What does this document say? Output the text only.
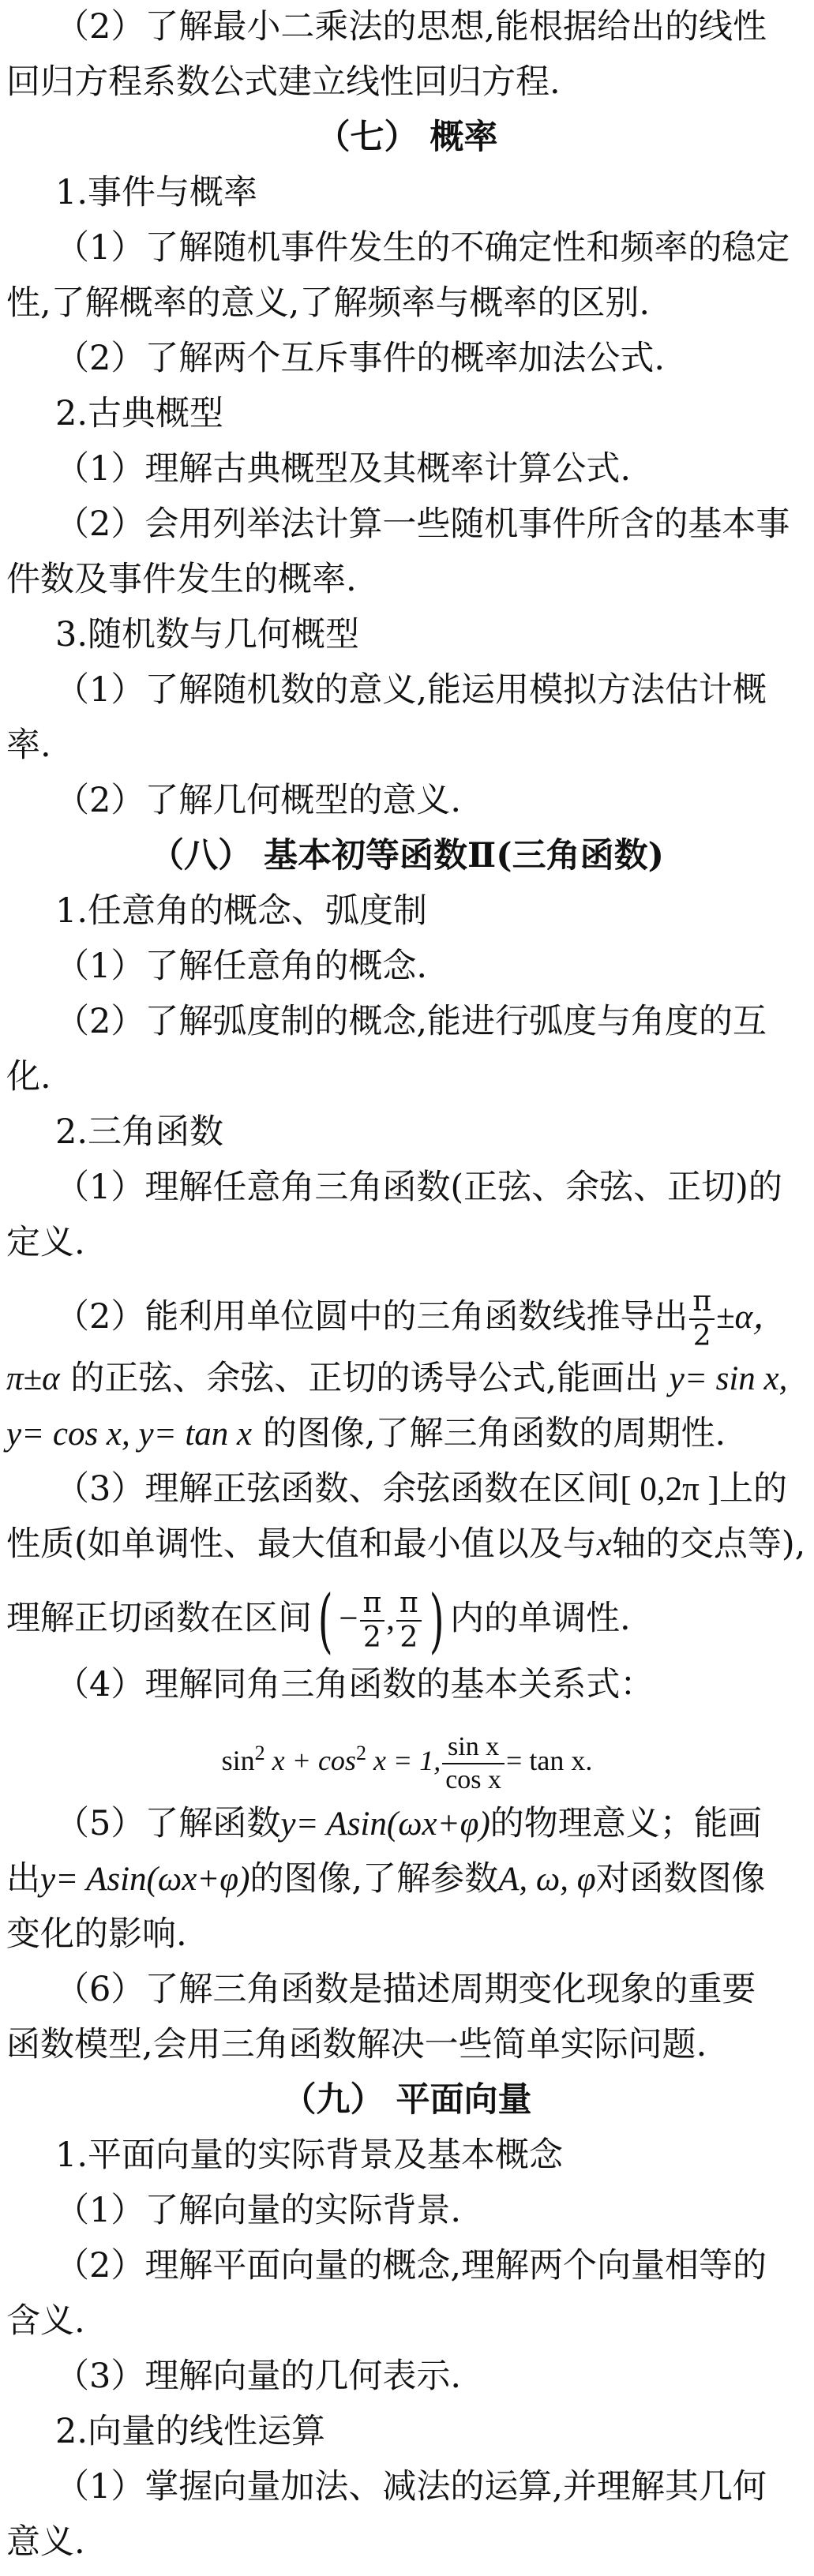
（2）了解最小二乘法的思想,能根据给出的线性
回归方程系数公式建立线性回归方程.
（七） 概率
1.事件与概率
（1）了解随机事件发生的不确定性和频率的稳定
性,了解概率的意义,了解频率与概率的区别.
（2）了解两个互斥事件的概率加法公式.
2.古典概型
（1）理解古典概型及其概率计算公式.
（2）会用列举法计算一些随机事件所含的基本事
件数及事件发生的概率.
3.随机数与几何概型
（1）了解随机数的意义,能运用模拟方法估计概
率.
（2）了解几何概型的意义.
（八） 基本初等函数Ⅱ(三角函数)
1.任意角的概念、弧度制
（1）了解任意角的概念.
（2）了解弧度制的概念,能进行弧度与角度的互
化.
2.三角函数
（1）理解任意角三角函数(正弦、余弦、正切)的
定义.
（2）能利用单位圆中的三角函数线推导出 $\frac{\pi}{2} \pm\alpha$，
π±α 的正弦、余弦、正切的诱导公式,能画出 y= sin x,
y= cos x, y= tan x 的图像,了解三角函数的周期性.
（3）理解正弦函数、余弦函数在区间[ 0,2π ]上的
性质(如单调性、最大值和最小值以及与x轴的交点等),
理解正切函数在区间( − $\frac{\pi}{2}$ , $\frac{\pi}{2}$ ) 内的单调性.
（4）理解同角三角函数的基本关系式：
$\sin^2 x + \cos^2 x = 1$, $\frac{\text{sin x}}{\text{cos x}} = \tan x$.
（5）了解函数y= Asin(ωx+φ)的物理意义；能画
出y= Asin(ωx+φ)的图像,了解参数A, ω, φ对函数图像
变化的影响.
（6）了解三角函数是描述周期变化现象的重要
函数模型,会用三角函数解决一些简单实际问题.
（九） 平面向量
1.平面向量的实际背景及基本概念
（1）了解向量的实际背景.
（2）理解平面向量的概念,理解两个向量相等的
含义.
（3）理解向量的几何表示.
2.向量的线性运算
（1）掌握向量加法、减法的运算,并理解其几何
意义.
